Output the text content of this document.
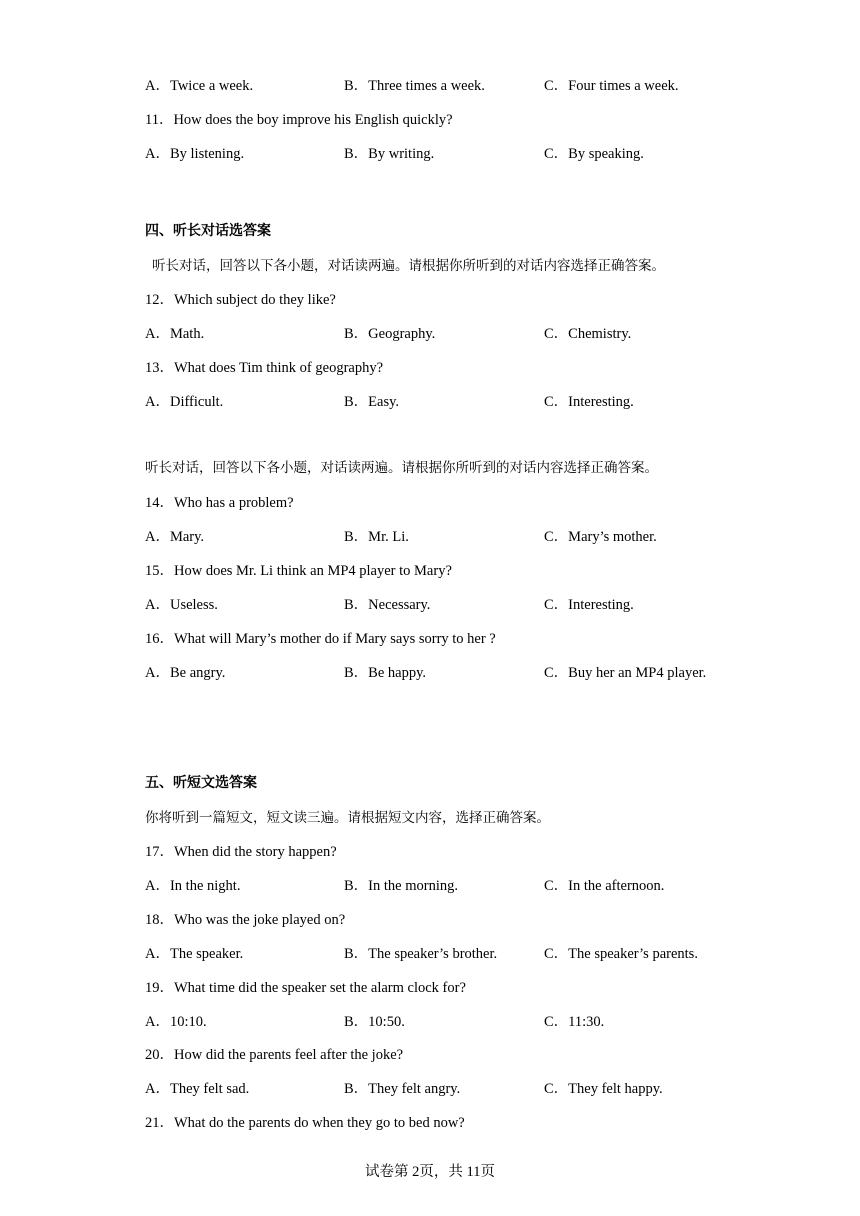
A．Twice a week.	B．Three times a week.	C．Four times a week.
11．How does the boy improve his English quickly?
A．By listening.	B．By writing.	C．By speaking.
四、听长对话选答案
听长对话，回答以下各小题，对话读两遍。请根据你所听到的对话内容选择正确答案。
12．Which subject do they like?
A．Math.	B．Geography.	C．Chemistry.
13．What does Tim think of geography?
A．Difficult.	B．Easy.	C．Interesting.
听长对话，回答以下各小题，对话读两遍。请根据你所听到的对话内容选择正确答案。
14．Who has a problem?
A．Mary.	B．Mr. Li.	C．Mary’s mother.
15．How does Mr. Li think an MP4 player to Mary?
A．Useless.	B．Necessary.	C．Interesting.
16．What will Mary’s mother do if Mary says sorry to her ?
A．Be angry.	B．Be happy.	C．Buy her an MP4 player.
五、听短文选答案
你将听到一篇短文，短文读三遍。请根据短文内容，选择正确答案。
17．When did the story happen?
A．In the night.	B．In the morning.	C．In the afternoon.
18．Who was the joke played on?
A．The speaker.	B．The speaker’s brother.	C．The speaker’s parents.
19．What time did the speaker set the alarm clock for?
A．10:10.	B．10:50.	C．11:30.
20．How did the parents feel after the joke?
A．They felt sad.	B．They felt angry.	C．They felt happy.
21．What do the parents do when they go to bed now?
试卷第 2页，共 11页
